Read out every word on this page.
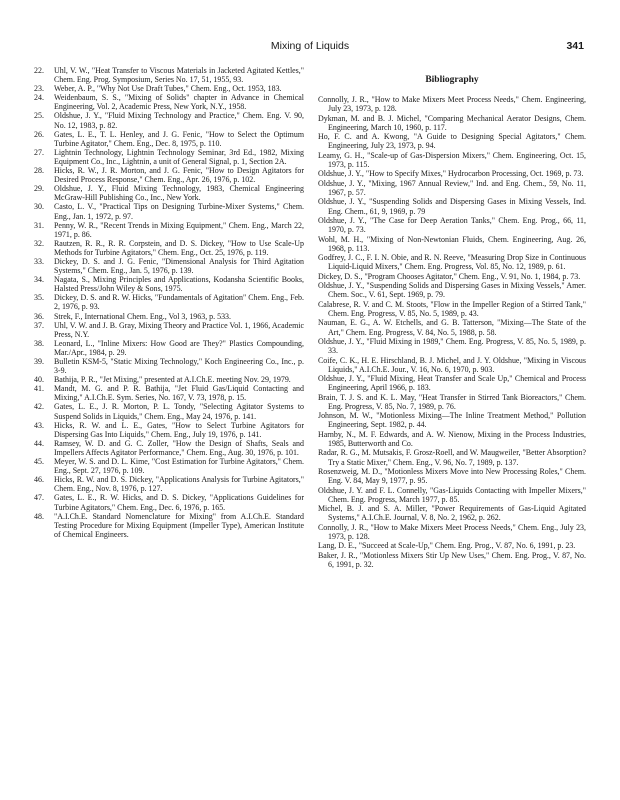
Mixing of Liquids	341

22. Uhl, V. W., "Heat Transfer to Viscous Materials in Jacketed Agitated Kettles," Chem. Eng. Prog. Symposium, Series No. 17, 51, 1955, 93.

23. Weber, A. P., "Why Not Use Draft Tubes," Chem. Eng., Oct. 1953, 183.

24. Weidenbaum, S. S., "Mixing of Solids" chapter in Advance in Chemical Engineering, Vol. 2, Academic Press, New York, N.Y., 1958.

25. Oldshue, J. Y., "Fluid Mixing Technology and Practice," Chem. Eng. V. 90, No. 12, 1983, p. 82.

26. Gates, L. E., T. L. Henley, and J. G. Fenic, "How to Select the Optimum Turbine Agitator," Chem. Eng., Dec. 8, 1975, p. 110.

27. Lightnin Technology, Lightnin Technology Seminar, 3rd Ed., 1982, Mixing Equipment Co., Inc., Lightnin, a unit of General Signal, p. 1, Section 2A.

28. Hicks, R. W., J. R. Morton, and J. G. Fenic, "How to Design Agitators for Desired Process Response," Chem. Eng., Apr. 26, 1976, p. 102.

29. Oldshue, J. Y., Fluid Mixing Technology, 1983, Chemical Engineering McGraw-Hill Publishing Co., Inc., New York.

30. Casto, L. V., "Practical Tips on Designing Turbine-Mixer Systems," Chem. Eng., Jan. 1, 1972, p. 97.

31. Penny, W. R., "Recent Trends in Mixing Equipment," Chem. Eng., March 22, 1971, p. 86.

32. Rautzen, R. R., R. R. Corpstein, and D. S. Dickey, "How to Use Scale-Up Methods for Turbine Agitators," Chem. Eng., Oct. 25, 1976, p. 119.

33. Dickey, D. S. and J. G. Fenic, "Dimensional Analysis for Third Agitation Systems," Chem. Eng., Jan. 5, 1976, p. 139.

34. Nagata, S., Mixing Principles and Applications, Kodansha Scientific Books, Halsted Press/John Wiley & Sons, 1975.

35. Dickey, D. S. and R. W. Hicks, "Fundamentals of Agitation" Chem. Eng., Feb. 2, 1976, p. 93.

36. Strek, F., International Chem. Eng., Vol 3, 1963, p. 533.

37. Uhl, V. W. and J. B. Gray, Mixing Theory and Practice Vol. 1, 1966, Academic Press, N.Y.

38. Leonard, L., "Inline Mixers: How Good are They?" Plastics Compounding, Mar./Apr., 1984, p. 29.

39. Bulletin KSM-5, "Static Mixing Technology," Koch Engineering Co., Inc., p. 3-9.

40. Bathija, P. R., "Jet Mixing," presented at A.I.Ch.E. meeting Nov. 29, 1979.

41. Mandt, M. G. and P. R. Bathija, "Jet Fluid Gas/Liquid Contacting and Mixing," A.I.Ch.E. Sym. Series, No. 167, V. 73, 1978, p. 15.

42. Gates, L. E., J. R. Morton, P. L. Tondy, "Selecting Agitator Systems to Suspend Solids in Liquids," Chem. Eng., May 24, 1976, p. 141.

43. Hicks, R. W. and L. E., Gates, "How to Select Turbine Agitators for Dispersing Gas Into Liquids," Chem. Eng., July 19, 1976, p. 141.

44. Ramsey, W. D. and G. C. Zoller, "How the Design of Shafts, Seals and Impellers Affects Agitator Performance," Chem. Eng., Aug. 30, 1976, p. 101.

45. Meyer, W. S. and D. L. Kime, "Cost Estimation for Turbine Agitators," Chem. Eng., Sept. 27, 1976, p. 109.

46. Hicks, R. W. and D. S. Dickey, "Applications Analysis for Turbine Agitators," Chem. Eng., Nov. 8, 1976, p. 127.

47. Gates, L. E., R. W. Hicks, and D. S. Dickey, "Applications Guidelines for Turbine Agitators," Chem. Eng., Dec. 6, 1976, p. 165.

48. "A.I.Ch.E. Standard Nomenclature for Mixing" from A.I.Ch.E. Standard Testing Procedure for Mixing Equipment (Impeller Type), American Institute of Chemical Engineers.

Bibliography

Connolly, J. R., "How to Make Mixers Meet Process Needs," Chem. Engineering, July 23, 1973, p. 128.

Dykman, M. and B. J. Michel, "Comparing Mechanical Aerator Designs, Chem. Engineering, March 10, 1960, p. 117.

Ho, F. C. and A. Kwong, "A Guide to Designing Special Agitators," Chem. Engineering, July 23, 1973, p. 94.

Leamy, G. H., "Scale-up of Gas-Dispersion Mixers," Chem. Engineering, Oct. 15, 1973, p. 115.

Oldshue, J. Y., "How to Specify Mixes," Hydrocarbon Processing, Oct. 1969, p. 73.

Oldshue, J. Y., "Mixing, 1967 Annual Review," Ind. and Eng. Chem., 59, No. 11, 1967, p. 57.

Oldshue, J. Y., "Suspending Solids and Dispersing Gases in Mixing Vessels, Ind. Eng. Chem., 61, 9, 1969, p. 79

Oldshue, J. Y., "The Case for Deep Aeration Tanks," Chem. Eng. Prog., 66, 11, 1970, p. 73.

Wohl, M. H., "Mixing of Non-Newtonian Fluids, Chem. Engineering, Aug. 26, 1968, p. 113.

Godfrey, J. C., F. I. N. Obie, and R. N. Reeve, "Measuring Drop Size in Continuous Liquid-Liquid Mixers," Chem. Eng. Progress, Vol. 85, No. 12, 1989, p. 61.

Dickey, D. S., "Program Chooses Agitator," Chem. Eng., V. 91, No. 1, 1984, p. 73.

Oldshue, J. Y., "Suspending Solids and Dispersing Gases in Mixing Vessels," Amer. Chem. Soc., V. 61, Sept. 1969, p. 79.

Calabrese, R. V. and C. M. Stoots, "Flow in the Impeller Region of a Stirred Tank," Chem. Eng. Progress, V. 85, No. 5, 1989, p. 43.

Nauman, E. G., A. W. Etchells, and G. B. Tatterson, "Mixing—The State of the Art," Chem. Eng. Progress, V. 84, No. 5, 1988, p. 58.

Oldshue, J. Y., "Fluid Mixing in 1989," Chem. Eng. Progress, V. 85, No. 5, 1989, p. 33.

Coife, C. K., H. E. Hirschland, B. J. Michel, and J. Y. Oldshue, "Mixing in Viscous Liquids," A.I.Ch.E. Jour., V. 16, No. 6, 1970, p. 903.

Oldshue, J. Y., "Fluid Mixing, Heat Transfer and Scale Up," Chemical and Process Engineering, April 1966, p. 183.

Brain, T. J. S. and K. L. May, "Heat Transfer in Stirred Tank Bioreactors," Chem. Eng. Progress, V. 85, No. 7, 1989, p. 76.

Johnson, M. W., "Motionless Mixing—The Inline Treatment Method," Pollution Engineering, Sept. 1982, p. 44.

Harnby, N., M. F. Edwards, and A. W. Nienow, Mixing in the Process Industries, 1985, Butterworth and Co.

Radar, R. G., M. Mutsakis, F. Grosz-Roell, and W. Maugweiler, "Better Absorption? Try a Static Mixer," Chem. Eng., V. 96, No. 7, 1989, p. 137.

Rosenzweig, M. D., "Motionless Mixers Move into New Processing Roles," Chem. Eng. V. 84, May 9, 1977, p. 95.

Oldshue, J. Y. and F. L. Connelly, "Gas-Liquids Contacting with Impeller Mixers," Chem. Eng. Progress, March 1977, p. 85.

Michel, B. J. and S. A. Miller, "Power Requirements of Gas-Liquid Agitated Systems," A.I.Ch.E. Journal, V. 8, No. 2, 1962, p. 262.

Connolly, J. R., "How to Make Mixers Meet Process Needs," Chem. Eng., July 23, 1973, p. 128.

Lang, D. E., "Succeed at Scale-Up," Chem. Eng. Prog., V. 87, No. 6, 1991, p. 23.

Baker, J. R., "Motionless Mixers Stir Up New Uses," Chem. Eng. Prog., V. 87, No. 6, 1991, p. 32.
